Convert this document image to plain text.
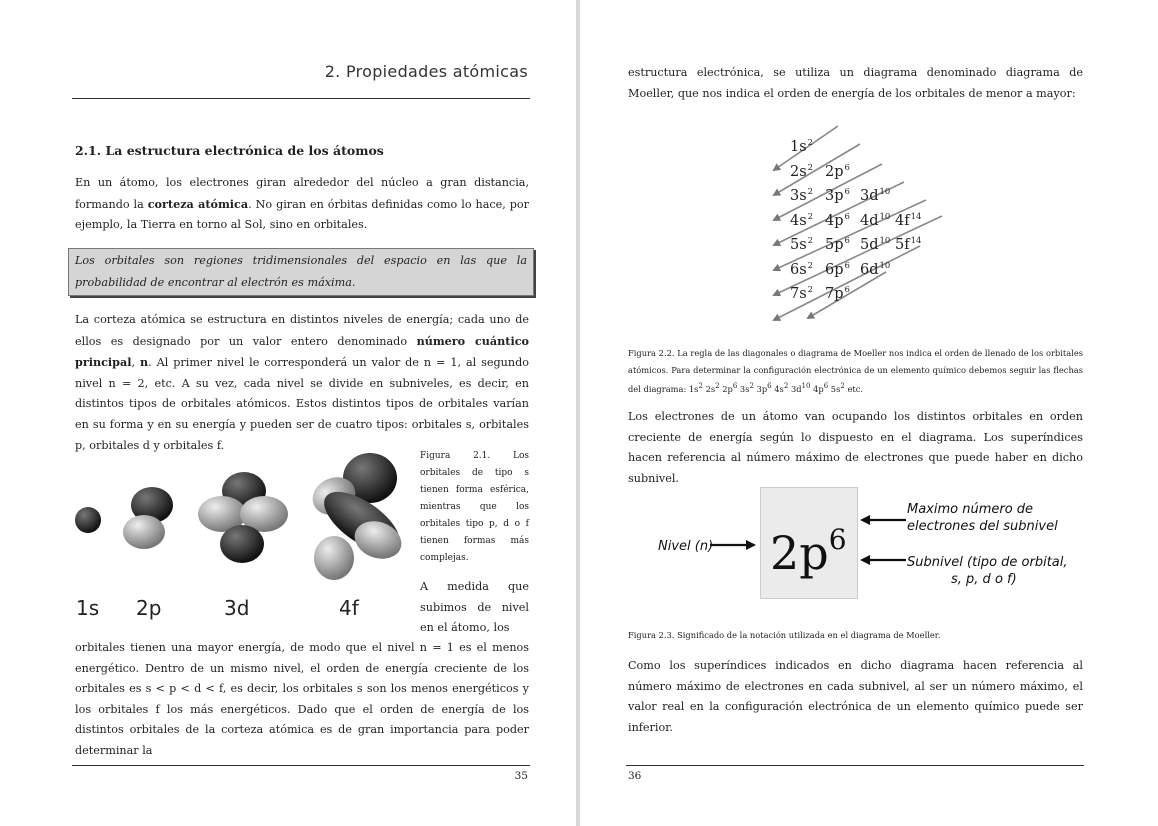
2. Propiedades atómicas
2.1. La estructura electrónica de los átomos
En un átomo, los electrones giran alrededor del núcleo a gran distancia, formando la corteza atómica. No giran en órbitas definidas como lo hace, por ejemplo, la Tierra en torno al Sol, sino en orbitales.
Los orbitales son regiones tridimensionales del espacio en las que la probabilidad de encontrar al electrón es máxima.
La corteza atómica se estructura en distintos niveles de energía; cada uno de ellos es designado por un valor entero denominado número cuántico principal, n. Al primer nivel le corresponderá un valor de n = 1, al segundo nivel n = 2, etc. A su vez, cada nivel se divide en subniveles, es decir, en distintos tipos de orbitales atómicos. Estos distintos tipos de orbitales varían en su forma y en su energía y pueden ser de cuatro tipos: orbitales s, orbitales p, orbitales d y orbitales f.
1s 2p	3d	4f
Figura 2.1. Los orbitales de tipo s tienen forma esférica, mientras que los orbitales tipo p, d o f tienen formas más complejas.
A medida que subimos de nivel en el átomo, los
orbitales tienen una mayor energía, de modo que el nivel n = 1 es el menos energético. Dentro de un mismo nivel, el orden de energía creciente de los orbitales es s < p < d < f, es decir, los orbitales s son los menos energéticos y los orbitales f los más energéticos. Dado que el orden de energía de los distintos orbitales de la corteza atómica es de gran importancia para poder determinar la
35
estructura electrónica, se utiliza un diagrama denominado diagrama de Moeller, que nos indica el orden de energía de los orbitales de menor a mayor:
$1s^2$
$2s^2$ $2p^6$
$3s^2$ $3p^6$ $3d^{10}$
$4s^2$ $4p^6$ $4d^{10}$ $4f^{14}$
$5s^2$ $5p^6$ $5d^{10}$ $5f^{14}$
$6s^2$ $6p^6$ $6d^{10}$
$7s^2$ $7p^6$
Figura 2.2. La regla de las diagonales o diagrama de Moeller nos indica el orden de llenado de los orbitales atómicos. Para determinar la configuración electrónica de un elemento químico debemos seguir las flechas del diagrama: $1s^2$ $2s^2$ $2p^6$ $3s^2$ $3p^6$ $4s^2$ $3d^{10}$ $4p^6$ $5s^2$ etc.
Los electrones de un átomo van ocupando los distintos orbitales en orden creciente de energía según lo dispuesto en el diagrama. Los superíndices hacen referencia al número máximo de electrones que puede haber en dicho subnivel.
$2p^6$
Nivel (n)
Maximo número de electrones del subnivel
Subnivel (tipo de orbital,
s, p, d o f)
Figura 2.3. Significado de la notación utilizada en el diagrama de Moeller.
Como los superíndices indicados en dicho diagrama hacen referencia al número máximo de electrones en cada subnivel, al ser un número máximo, el valor real en la configuración electrónica de un elemento químico puede ser inferior.
36
